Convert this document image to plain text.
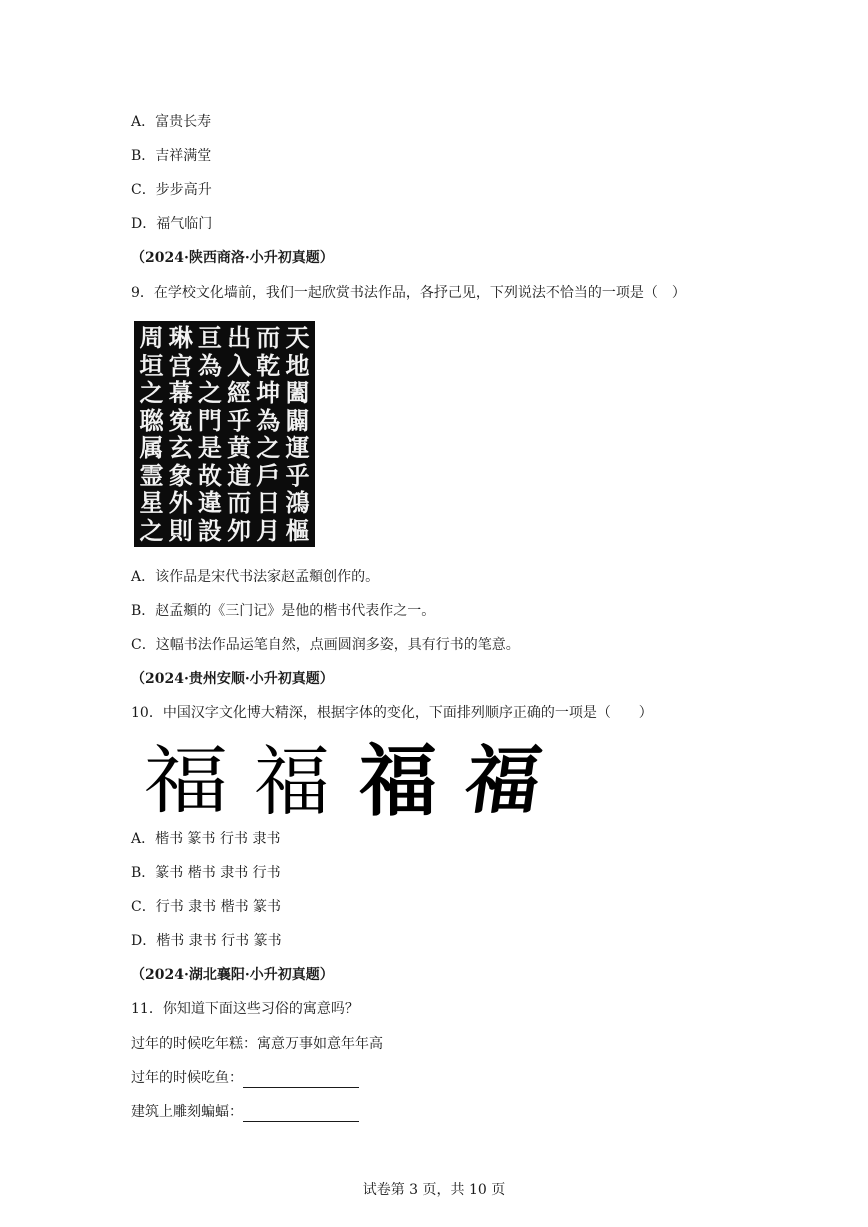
A．富贵长寿
B．吉祥满堂
C．步步高升
D．福气临门
（2024·陕西商洛·小升初真题）
9．在学校文化墙前，我们一起欣赏书法作品，各抒己见，下列说法不恰当的一项是（　）
周
垣
之
聮
属
霊
星
之
琳
宫
幕
寃
玄
象
外
則
亘
為
之
門
是
故
違
設
出
入
經
乎
黄
道
而
夘
而
乾
坤
為
之
戶
日
月
天
地
闔
闢
運
乎
鴻
樞
A．该作品是宋代书法家赵孟頫创作的。
B．赵孟頫的《三门记》是他的楷书代表作之一。
C．这幅书法作品运笔自然，点画圆润多姿，具有行书的笔意。
（2024·贵州安顺·小升初真题）
10．中国汉字文化博大精深，根据字体的变化，下面排列顺序正确的一项是（　　）
福 福 福 福
A．楷书 篆书 行书 隶书
B．篆书 楷书 隶书 行书
C．行书 隶书 楷书 篆书
D．楷书 隶书 行书 篆书
（2024·湖北襄阳·小升初真题）
11．你知道下面这些习俗的寓意吗？
过年的时候吃年糕：寓意万事如意年年高
过年的时候吃鱼：
建筑上雕刻蝙蝠：
试卷第 3 页，共 10 页
